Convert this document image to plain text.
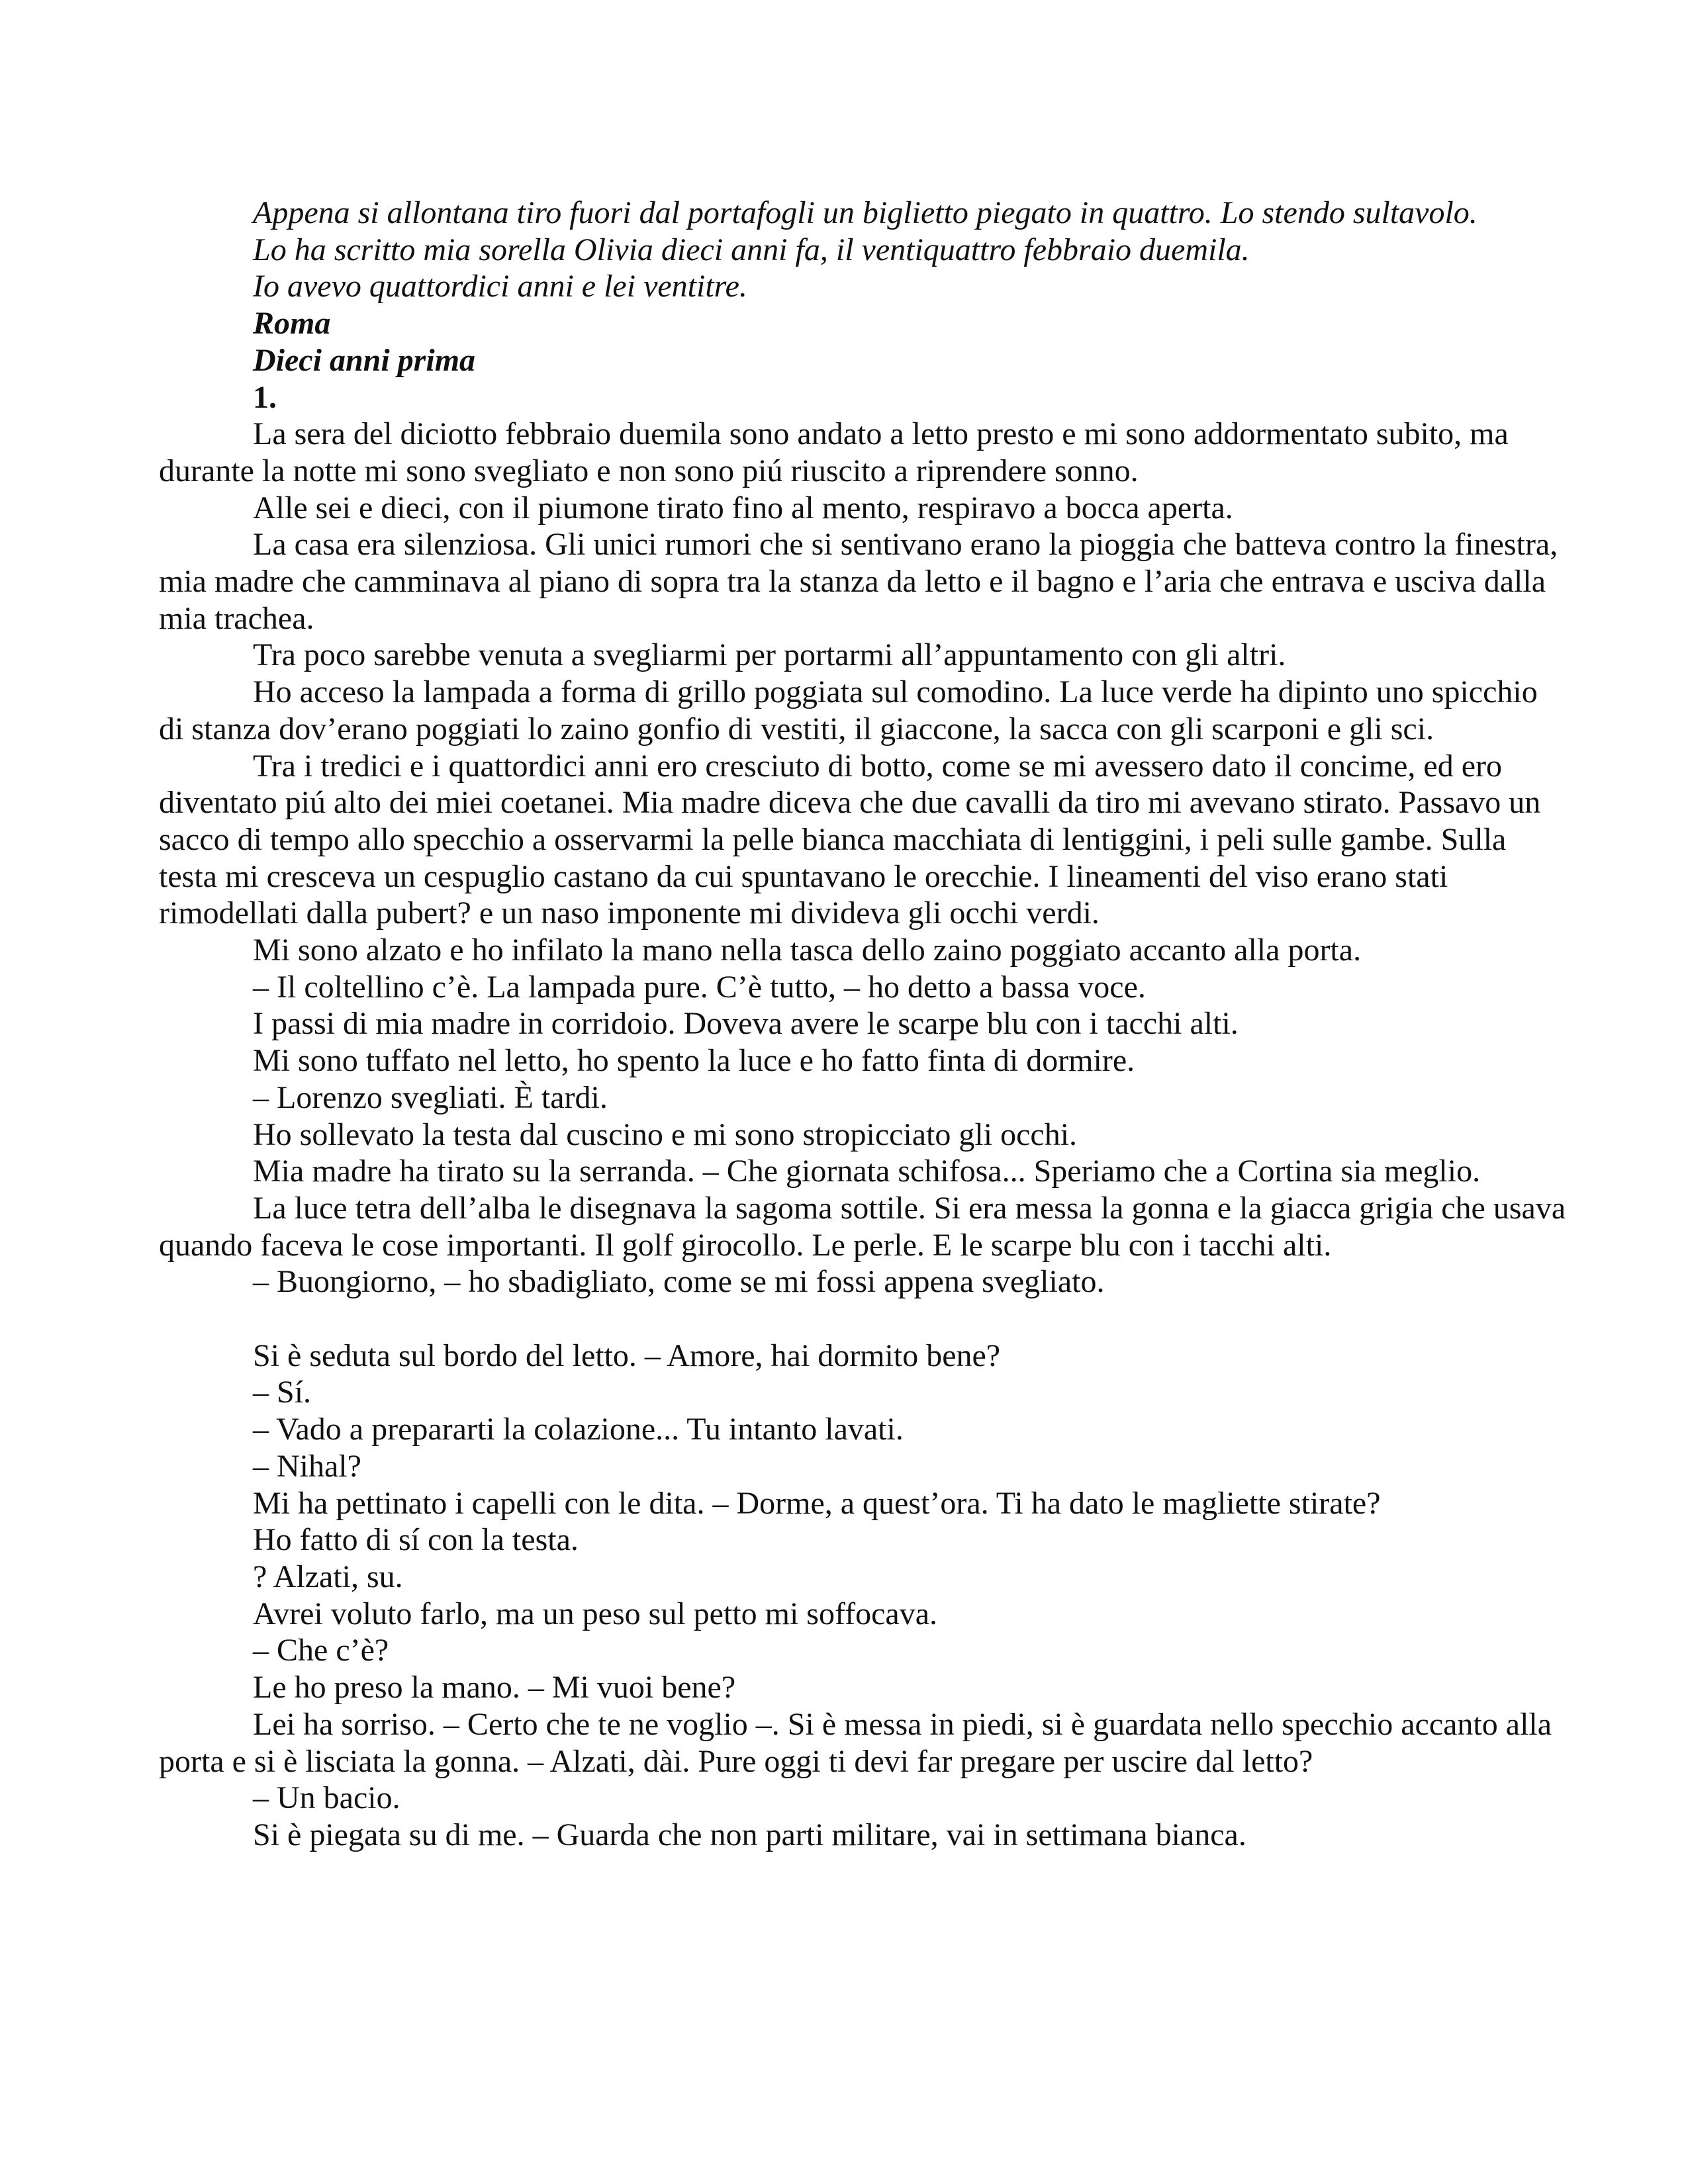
Appena si allontana tiro fuori dal portafogli un biglietto piegato in quattro. Lo stendo sultavolo.

Lo ha scritto mia sorella Olivia dieci anni fa, il ventiquattro febbraio duemila.

Io avevo quattordici anni e lei ventitre.

Roma

Dieci anni prima

1.

La sera del diciotto febbraio duemila sono andato a letto presto e mi sono addormentato subito, ma durante la notte mi sono svegliato e non sono piú riuscito a riprendere sonno.

Alle sei e dieci, con il piumone tirato fino al mento, respiravo a bocca aperta.

La casa era silenziosa. Gli unici rumori che si sentivano erano la pioggia che batteva contro la finestra, mia madre che camminava al piano di sopra tra la stanza da letto e il bagno e l’aria che entrava e usciva dalla mia trachea.

Tra poco sarebbe venuta a svegliarmi per portarmi all’appuntamento con gli altri.

Ho acceso la lampada a forma di grillo poggiata sul comodino. La luce verde ha dipinto uno spicchio di stanza dov’erano poggiati lo zaino gonfio di vestiti, il giaccone, la sacca con gli scarponi e gli sci.

Tra i tredici e i quattordici anni ero cresciuto di botto, come se mi avessero dato il concime, ed ero diventato piú alto dei miei coetanei. Mia madre diceva che due cavalli da tiro mi avevano stirato. Passavo un sacco di tempo allo specchio a osservarmi la pelle bianca macchiata di lentiggini, i peli sulle gambe. Sulla testa mi cresceva un cespuglio castano da cui spuntavano le orecchie. I lineamenti del viso erano stati rimodellati dalla pubert? e un naso imponente mi divideva gli occhi verdi.

Mi sono alzato e ho infilato la mano nella tasca dello zaino poggiato accanto alla porta.

– Il coltellino c’è. La lampada pure. C’è tutto, – ho detto a bassa voce.

I passi di mia madre in corridoio. Doveva avere le scarpe blu con i tacchi alti.

Mi sono tuffato nel letto, ho spento la luce e ho fatto finta di dormire.

– Lorenzo svegliati. È tardi.

Ho sollevato la testa dal cuscino e mi sono stropicciato gli occhi.

Mia madre ha tirato su la serranda. – Che giornata schifosa... Speriamo che a Cortina sia meglio.

La luce tetra dell’alba le disegnava la sagoma sottile. Si era messa la gonna e la giacca grigia che usava quando faceva le cose importanti. Il golf girocollo. Le perle. E le scarpe blu con i tacchi alti.

– Buongiorno, – ho sbadigliato, come se mi fossi appena svegliato.

Si è seduta sul bordo del letto. – Amore, hai dormito bene?

– Sí.

– Vado a prepararti la colazione... Tu intanto lavati.

– Nihal?

Mi ha pettinato i capelli con le dita. – Dorme, a quest’ora. Ti ha dato le magliette stirate?

Ho fatto di sí con la testa.

? Alzati, su.

Avrei voluto farlo, ma un peso sul petto mi soffocava.

– Che c’è?

Le ho preso la mano. – Mi vuoi bene?

Lei ha sorriso. – Certo che te ne voglio –. Si è messa in piedi, si è guardata nello specchio accanto alla porta e si è lisciata la gonna. – Alzati, dài. Pure oggi ti devi far pregare per uscire dal letto?

– Un bacio.

Si è piegata su di me. – Guarda che non parti militare, vai in settimana bianca.
